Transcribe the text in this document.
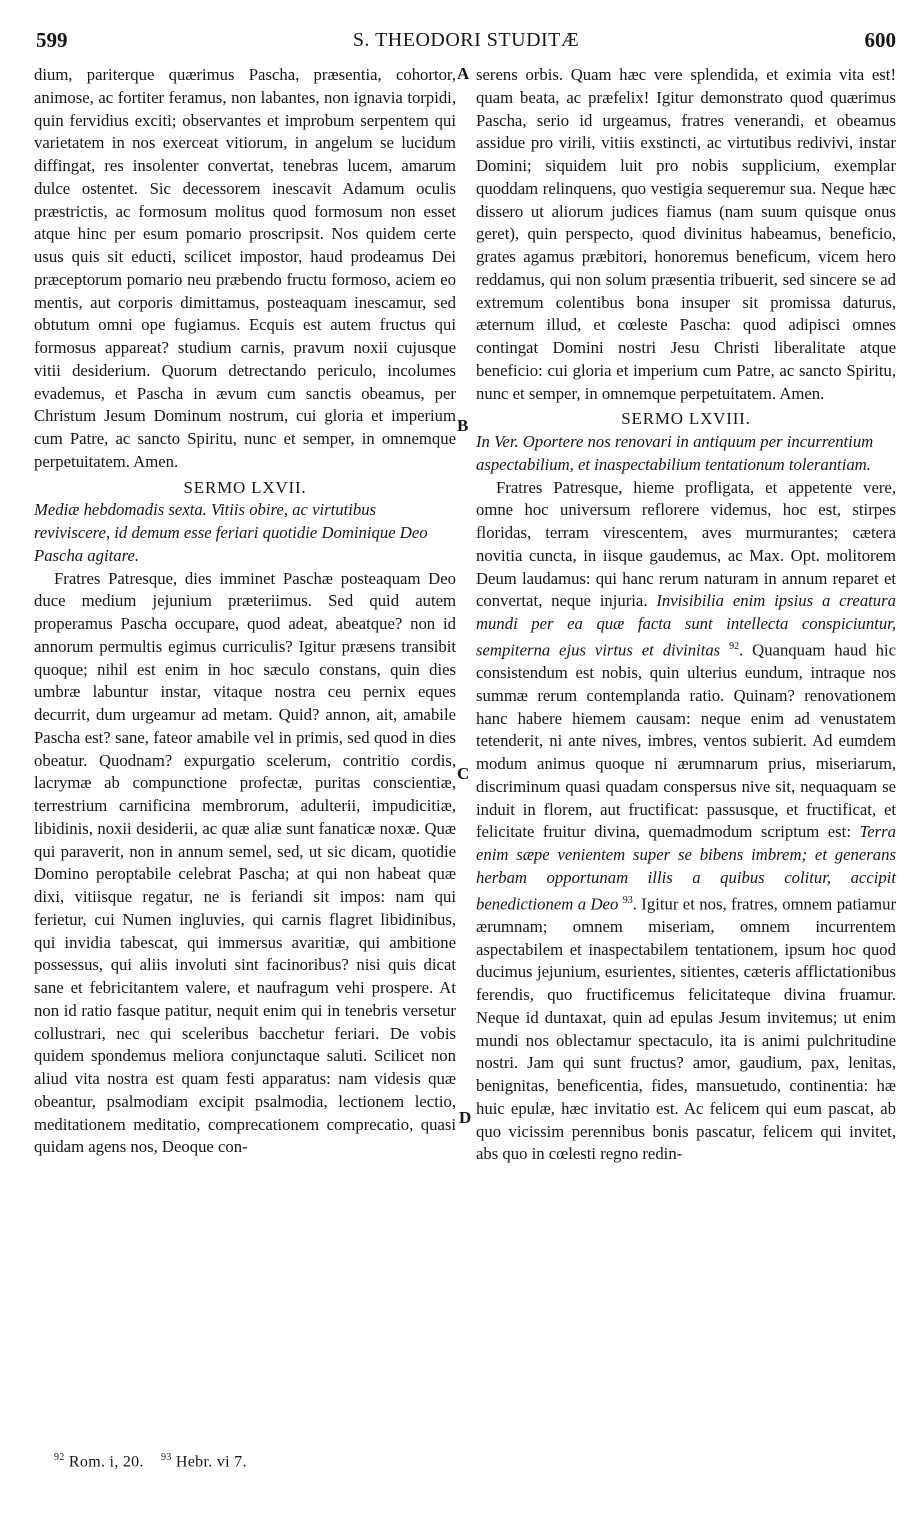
599	S. THEODORI STUDITÆ	600

dium, pariterque quærimus Pascha, præsentia, cohortor, animose, ac fortiter feramus, non labantes, non ignavia torpidi, quin fervidius exciti; observantes et improbum serpentem qui varietatem in nos exerceat vitiorum, in angelum se lucidum diffingat, res insolenter convertat, tenebras lucem, amarum dulce ostentet. Sic decessorem inescavit Adamum oculis præstrictis, ac formosum molitus quod formosum non esset atque hinc per esum pomario proscripsit. Nos quidem certe usus quis sit educti, scilicet impostor, haud prodeamus Dei præceptorum pomario neu præbendo fructu formoso, aciem eo mentis, aut corporis dimittamus, posteaquam inescamur, sed obtutum omni ope fugiamus. Ecquis est autem fructus qui formosus appareat? studium carnis, pravum noxii cujusque vitii desiderium. Quorum detrectando periculo, incolumes evademus, et Pascha in ævum cum sanctis obeamus, per Christum Jesum Dominum nostrum, cui gloria et imperium cum Patre, ac sancto Spiritu, nunc et semper, in omnemque perpetuitatem. Amen.

SERMO LXVII.

Mediæ hebdomadis sexta. Vitiis obire, ac virtutibus reviviscere, id demum esse feriari quotidie Dominique Deo Pascha agitare.

Fratres Patresque, dies imminet Paschæ posteaquam Deo duce medium jejunium præteriimus. Sed quid autem properamus Pascha occupare, quod adeat, abeatque? non id annorum permultis egimus curriculis? Igitur præsens transibit quoque; nihil est enim in hoc sæculo constans, quin dies umbræ labuntur instar, vitaque nostra ceu pernix eques decurrit, dum urgeamur ad metam. Quid? annon, ait, amabile Pascha est? sane, fateor amabile vel in primis, sed quod in dies obeatur. Quodnam? expurgatio scelerum, contritio cordis, lacrymæ ab compunctione profectæ, puritas conscientiæ, terrestrium carnificina membrorum, adulterii, impudicitiæ, libidinis, noxii desiderii, ac quæ aliæ sunt fanaticæ noxæ. Quæ qui paraverit, non in annum semel, sed, ut sic dicam, quotidie Domino peroptabile celebrat Pascha; at qui non habeat quæ dixi, vitiisque regatur, ne is feriandi sit impos: nam qui ferietur, cui Numen ingluvies, qui carnis flagret libidinibus, qui invidia tabescat, qui immersus avaritiæ, qui ambitione possessus, qui aliis involuti sint facinoribus? nisi quis dicat sane et febricitantem valere, et naufragum vehi prospere. At non id ratio fasque patitur, nequit enim qui in tenebris versetur collustrari, nec qui sceleribus bacchetur feriari. De vobis quidem spondemus meliora conjunctaque saluti. Scilicet non aliud vita nostra est quam festi apparatus: nam videsis quæ obeantur, psalmodiam excipit psalmodia, lectionem lectio, meditationem meditatio, comprecationem comprecatio, quasi quidam agens nos, Deoque con-

A
B
C
D

serens orbis. Quam hæc vere splendida, et eximia vita est! quam beata, ac præfelix! Igitur demonstrato quod quærimus Pascha, serio id urgeamus, fratres venerandi, et obeamus assidue pro virili, vitiis exstincti, ac virtutibus redivivi, instar Domini; siquidem luit pro nobis supplicium, exemplar quoddam relinquens, quo vestigia sequeremur sua. Neque hæc dissero ut aliorum judices fiamus (nam suum quisque onus geret), quin perspecto, quod divinitus habeamus, beneficio, grates agamus præbitori, honoremus beneficum, vicem hero reddamus, qui non solum præsentia tribuerit, sed sincere se ad extremum colentibus bona insuper sit promissa daturus, æternum illud, et cœleste Pascha: quod adipisci omnes contingat Domini nostri Jesu Christi liberalitate atque beneficio: cui gloria et imperium cum Patre, ac sancto Spiritu, nunc et semper, in omnemque perpetuitatem. Amen.

SERMO LXVIII.

In Ver. Oportere nos renovari in antiquum per incurrentium aspectabilium, et inaspectabilium tentationum tolerantiam.

Fratres Patresque, hieme profligata, et appetente vere, omne hoc universum reflorere videmus, hoc est, stirpes floridas, terram virescentem, aves murmurantes; cætera novitia cuncta, in iisque gaudemus, ac Max. Opt. molitorem Deum laudamus: qui hanc rerum naturam in annum reparet et convertat, neque injuria. Invisibilia enim ipsius a creatura mundi per ea quæ facta sunt intellecta conspiciuntur, sempiterna ejus virtus et divinitas $^{92}$. Quanquam haud hic consistendum est nobis, quin ulterius eundum, intraque nos summæ rerum contemplanda ratio. Quinam? renovationem hanc habere hiemem causam: neque enim ad venustatem tetenderit, ni ante nives, imbres, ventos subierit. Ad eumdem modum animus quoque ni ærumnarum prius, miseriarum, discriminum quasi quadam conspersus nive sit, nequaquam se induit in florem, aut fructificat: passusque, et fructificat, et felicitate fruitur divina, quemadmodum scriptum est: Terra enim sæpe venientem super se bibens imbrem; et generans herbam opportunam illis a quibus colitur, accipit benedictionem a Deo $^{93}$. Igitur et nos, fratres, omnem patiamur ærumnam; omnem miseriam, omnem incurrentem aspectabilem et inaspectabilem tentationem, ipsum hoc quod ducimus jejunium, esurientes, sitientes, cæteris afflictationibus ferendis, quo fructificemus felicitateque divina fruamur. Neque id duntaxat, quin ad epulas Jesum invitemus; ut enim mundi nos oblectamur spectaculo, ita is animi pulchritudine nostri. Jam qui sunt fructus? amor, gaudium, pax, lenitas, benignitas, beneficentia, fides, mansuetudo, continentia: hæ huic epulæ, hæc invitatio est. Ac felicem qui eum pascat, ab quo vicissim perennibus bonis pascatur, felicem qui invitet, abs quo in cœlesti regno redin-

$^{92}$ Rom. i, 20. $^{93}$ Hebr. vi 7.
